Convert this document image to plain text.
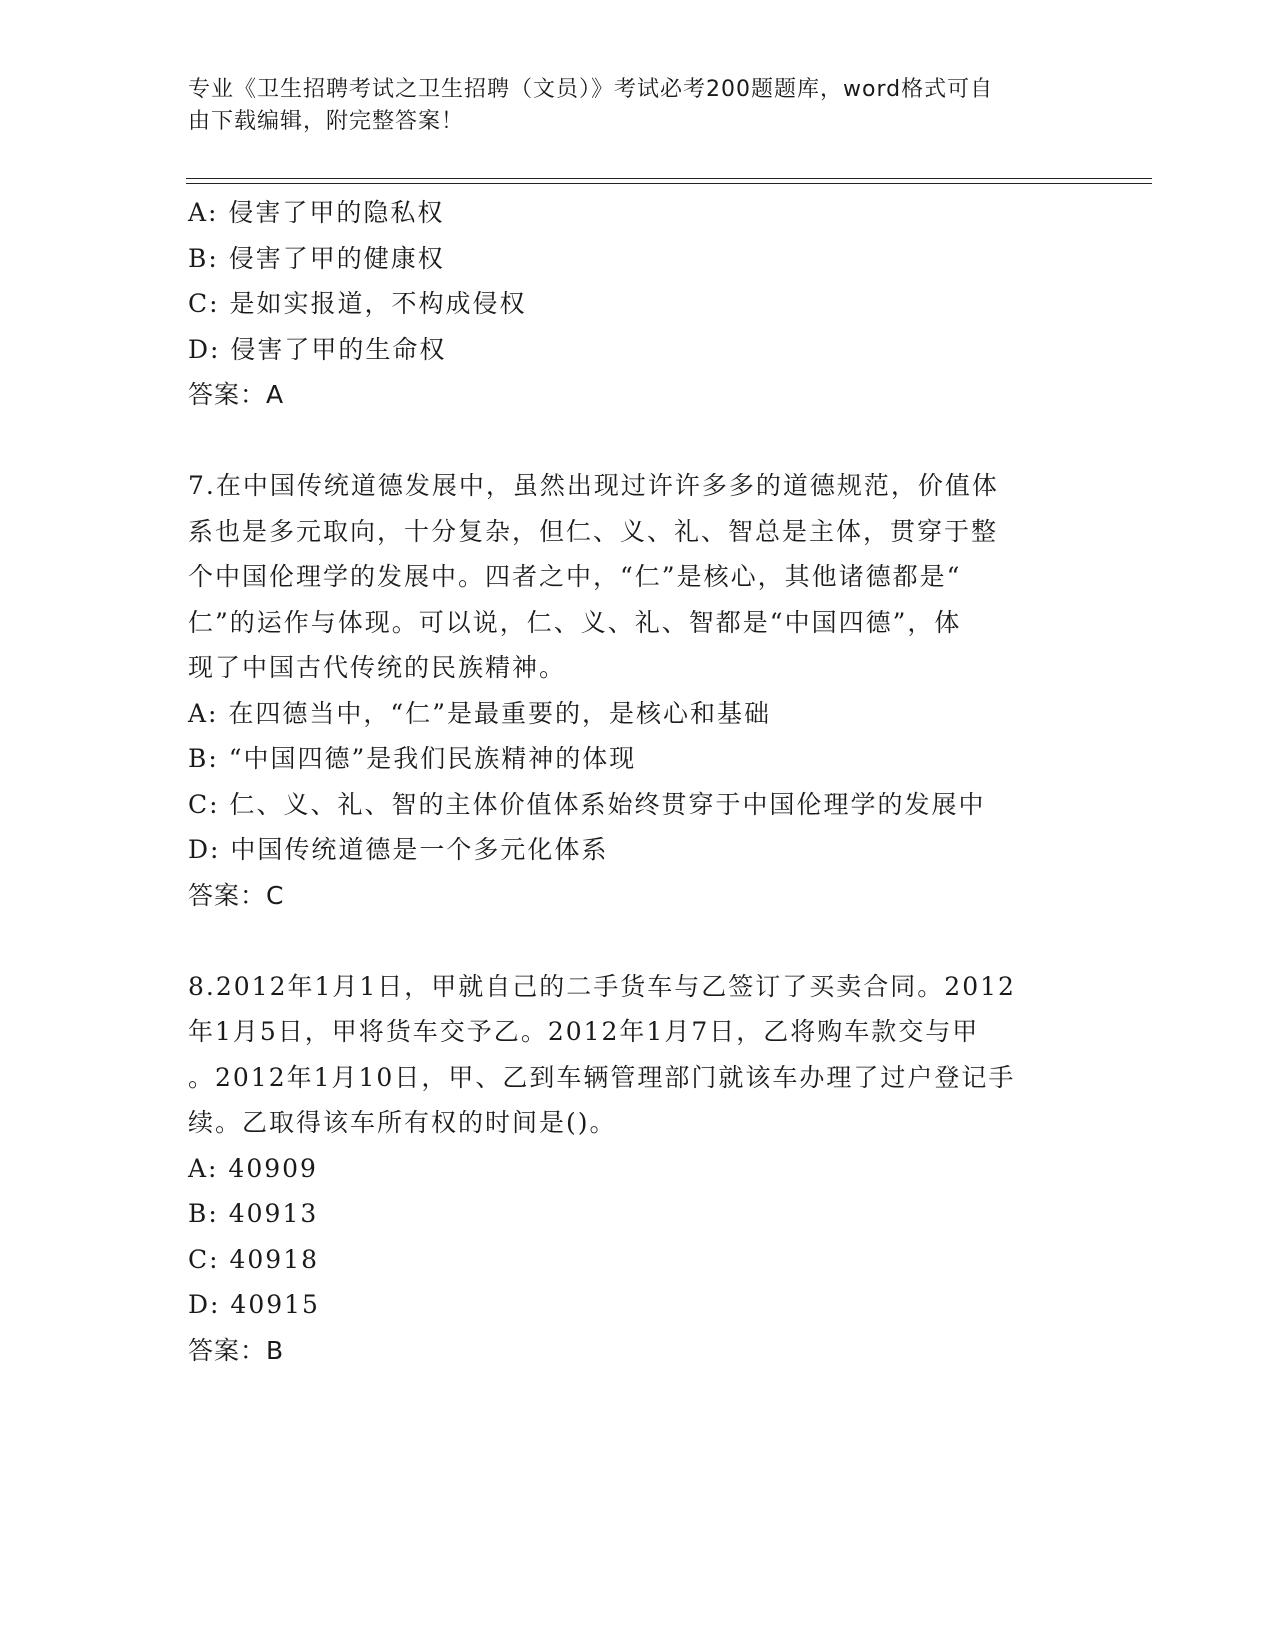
专业《卫生招聘考试之卫生招聘（文员）》考试必考200题题库，word格式可自
由下载编辑，附完整答案！
A: 侵害了甲的隐私权
B: 侵害了甲的健康权
C: 是如实报道，不构成侵权
D: 侵害了甲的生命权
答案：A
7.在中国传统道德发展中，虽然出现过许许多多的道德规范，价值体
系也是多元取向，十分复杂，但仁、义、礼、智总是主体，贯穿于整
个中国伦理学的发展中。四者之中，“仁”是核心，其他诸德都是“
仁”的运作与体现。可以说，仁、义、礼、智都是“中国四德”，体
现了中国古代传统的民族精神。
A: 在四德当中，“仁”是最重要的，是核心和基础
B: “中国四德”是我们民族精神的体现
C: 仁、义、礼、智的主体价值体系始终贯穿于中国伦理学的发展中
D: 中国传统道德是一个多元化体系
答案：C
8.2012年1月1日，甲就自己的二手货车与乙签订了买卖合同。2012
年1月5日，甲将货车交予乙。2012年1月7日，乙将购车款交与甲
。2012年1月10日，甲、乙到车辆管理部门就该车办理了过户登记手
续。乙取得该车所有权的时间是()。
A: 40909
B: 40913
C: 40918
D: 40915
答案：B
